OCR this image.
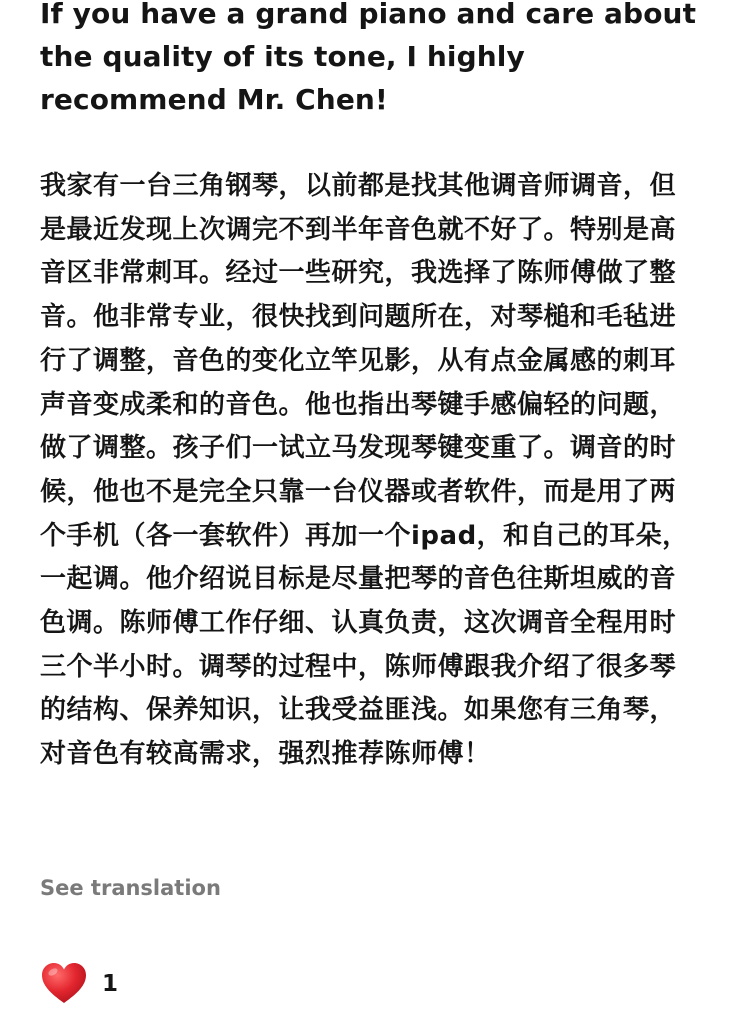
If you have a grand piano and care about the quality of its tone, I highly recommend Mr. Chen!

我家有一台三角钢琴，以前都是找其他调音师调音，但是最近发现上次调完不到半年音色就不好了。特别是高音区非常刺耳。经过一些研究，我选择了陈师傅做了整音。他非常专业，很快找到问题所在，对琴槌和毛毡进行了调整，音色的变化立竿见影，从有点金属感的刺耳声音变成柔和的音色。他也指出琴键手感偏轻的问题，做了调整。孩子们一试立马发现琴键变重了。调音的时候，他也不是完全只靠一台仪器或者软件，而是用了两个手机（各一套软件）再加一个ipad，和自己的耳朵，一起调。他介绍说目标是尽量把琴的音色往斯坦威的音色调。陈师傅工作仔细、认真负责，这次调音全程用时三个半小时。调琴的过程中，陈师傅跟我介绍了很多琴的结构、保养知识，让我受益匪浅。如果您有三角琴，对音色有较高需求，强烈推荐陈师傅！

See translation
1
